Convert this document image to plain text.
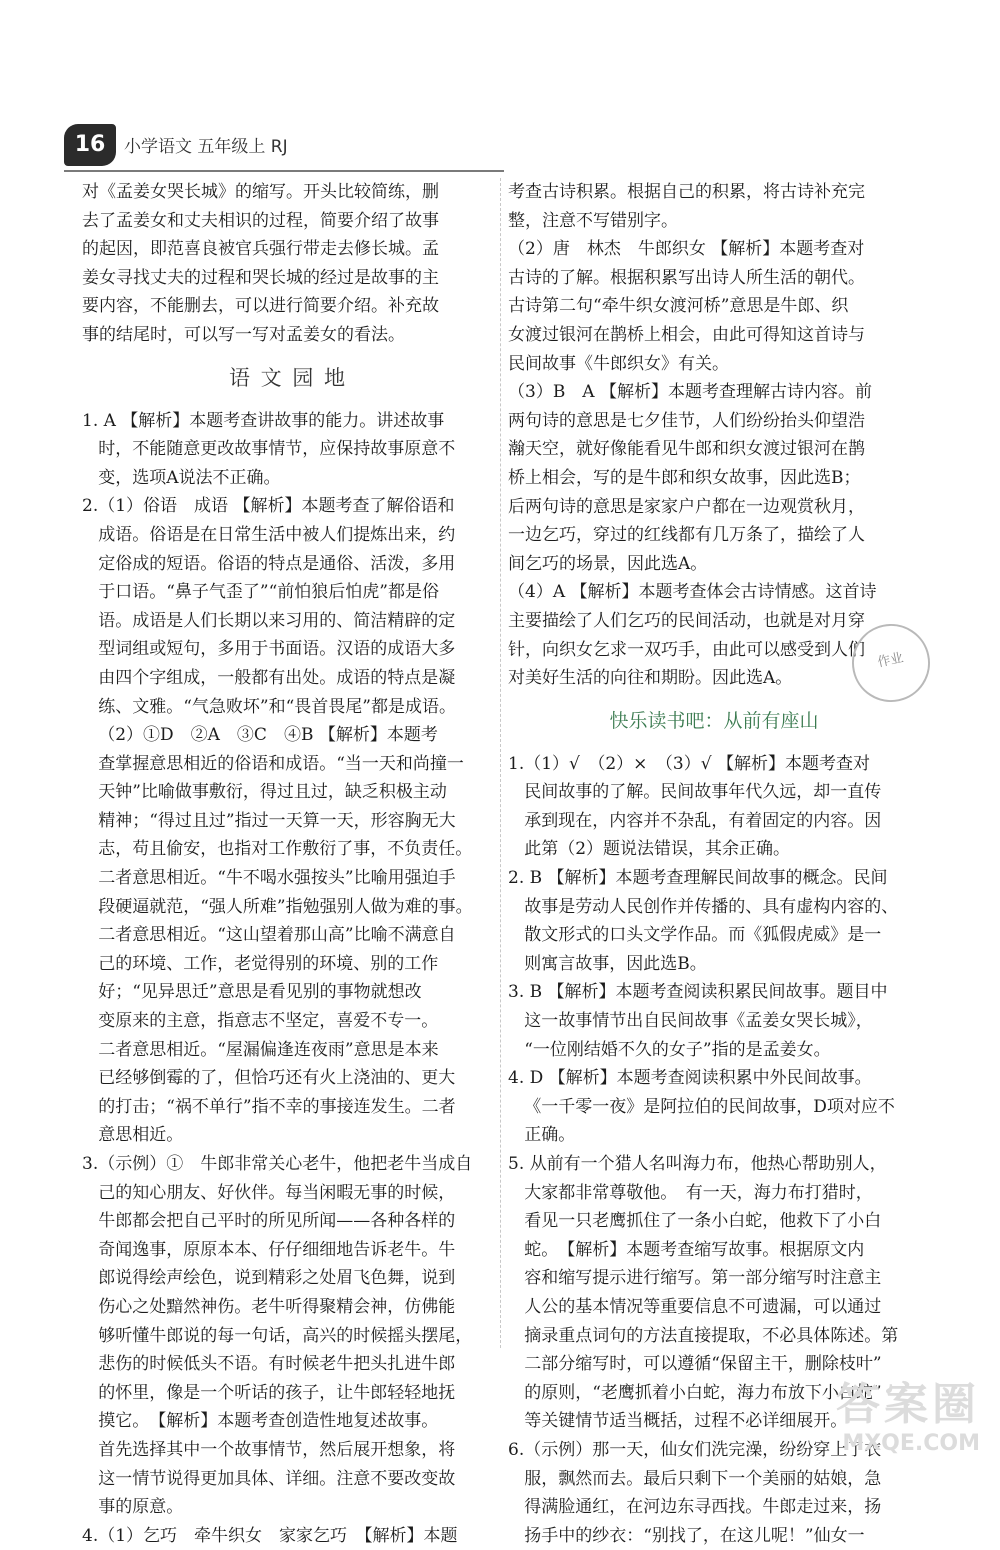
16	小学语文 五年级上 RJ

对《孟姜女哭长城》的缩写。开头比较简练，删

去了孟姜女和丈夫相识的过程，简要介绍了故事

的起因，即范喜良被官兵强行带走去修长城。孟

姜女寻找丈夫的过程和哭长城的经过是故事的主

要内容，不能删去，可以进行简要介绍。补充故

事的结尾时，可以写一写对孟姜女的看法。

语 文 园 地

1. A 【解析】本题考查讲故事的能力。讲述故事

时，不能随意更改故事情节，应保持故事原意不

变，选项A说法不正确。

2.（1）俗语　成语 【解析】本题考查了解俗语和

成语。俗语是在日常生活中被人们提炼出来，约

定俗成的短语。俗语的特点是通俗、活泼，多用

于口语。“鼻子气歪了”“前怕狼后怕虎”都是俗

语。成语是人们长期以来习用的、简洁精辟的定

型词组或短句，多用于书面语。汉语的成语大多

由四个字组成，一般都有出处。成语的特点是凝

练、文雅。“气急败坏”和“畏首畏尾”都是成语。

（2）①D　②A　③C　④B 【解析】本题考

查掌握意思相近的俗语和成语。“当一天和尚撞一

天钟”比喻做事敷衍，得过且过，缺乏积极主动

精神；“得过且过”指过一天算一天，形容胸无大

志，苟且偷安，也指对工作敷衍了事，不负责任。

二者意思相近。“牛不喝水强按头”比喻用强迫手

段硬逼就范，“强人所难”指勉强别人做为难的事。

二者意思相近。“这山望着那山高”比喻不满意自

己的环境、工作，老觉得别的环境、别的工作

好；“见异思迁”意思是看见别的事物就想改

变原来的主意，指意志不坚定，喜爱不专一。

二者意思相近。“屋漏偏逢连夜雨”意思是本来

已经够倒霉的了，但恰巧还有火上浇油的、更大

的打击；“祸不单行”指不幸的事接连发生。二者

意思相近。

3.（示例）①　牛郎非常关心老牛，他把老牛当成自

己的知心朋友、好伙伴。每当闲暇无事的时候，

牛郎都会把自己平时的所见所闻——各种各样的

奇闻逸事，原原本本、仔仔细细地告诉老牛。牛

郎说得绘声绘色，说到精彩之处眉飞色舞，说到

伤心之处黯然神伤。老牛听得聚精会神，仿佛能

够听懂牛郎说的每一句话，高兴的时候摇头摆尾，

悲伤的时候低头不语。有时候老牛把头扎进牛郎

的怀里，像是一个听话的孩子，让牛郎轻轻地抚

摸它。　【解析】本题考查创造性地复述故事。

首先选择其中一个故事情节，然后展开想象，将

这一情节说得更加具体、详细。注意不要改变故

事的原意。

4.（1）乞巧　牵牛织女　家家乞巧　【解析】本题

考查古诗积累。根据自己的积累，将古诗补充完

整，注意不写错别字。

（2）唐　林杰　牛郎织女 【解析】本题考查对

古诗的了解。根据积累写出诗人所生活的朝代。

古诗第二句“牵牛织女渡河桥”意思是牛郎、织

女渡过银河在鹊桥上相会，由此可得知这首诗与

民间故事《牛郎织女》有关。

（3）B　A 【解析】本题考查理解古诗内容。前

两句诗的意思是七夕佳节，人们纷纷抬头仰望浩

瀚天空，就好像能看见牛郎和织女渡过银河在鹊

桥上相会，写的是牛郎和织女故事，因此选B；

后两句诗的意思是家家户户都在一边观赏秋月，

一边乞巧，穿过的红线都有几万条了，描绘了人

间乞巧的场景，因此选A。

（4）A 【解析】本题考查体会古诗情感。这首诗

主要描绘了人们乞巧的民间活动，也就是对月穿

针，向织女乞求一双巧手，由此可以感受到人们

对美好生活的向往和期盼。因此选A。

快乐读书吧：从前有座山

1.（1）√　（2）×　（3）√ 【解析】本题考查对

民间故事的了解。民间故事年代久远，却一直传

承到现在，内容并不杂乱，有着固定的内容。因

此第（2）题说法错误，其余正确。

2. B 【解析】本题考查理解民间故事的概念。民间

故事是劳动人民创作并传播的、具有虚构内容的、

散文形式的口头文学作品。而《狐假虎威》是一

则寓言故事，因此选B。

3. B 【解析】本题考查阅读积累民间故事。题目中

这一故事情节出自民间故事《孟姜女哭长城》，

“一位刚结婚不久的女子”指的是孟姜女。

4. D 【解析】本题考查阅读积累中外民间故事。

《一千零一夜》是阿拉伯的民间故事，D项对应不

正确。

5. 从前有一个猎人名叫海力布，他热心帮助别人，

大家都非常尊敬他。　有一天，海力布打猎时，

看见一只老鹰抓住了一条小白蛇，他救下了小白

蛇。　【解析】本题考查缩写故事。根据原文内

容和缩写提示进行缩写。第一部分缩写时注意主

人公的基本情况等重要信息不可遗漏，可以通过

摘录重点词句的方法直接提取，不必具体陈述。第

二部分缩写时，可以遵循“保留主干，删除枝叶”

的原则，“老鹰抓着小白蛇，海力布放下小白蛇”

等关键情节适当概括，过程不必详细展开。

6.（示例）那一天，仙女们洗完澡，纷纷穿上了衣

服，飘然而去。最后只剩下一个美丽的姑娘，急

得满脸通红，在河边东寻西找。牛郎走过来，扬

扬手中的纱衣：“别找了，在这儿呢！”仙女一

作业
答案圈
MXQE.COM
